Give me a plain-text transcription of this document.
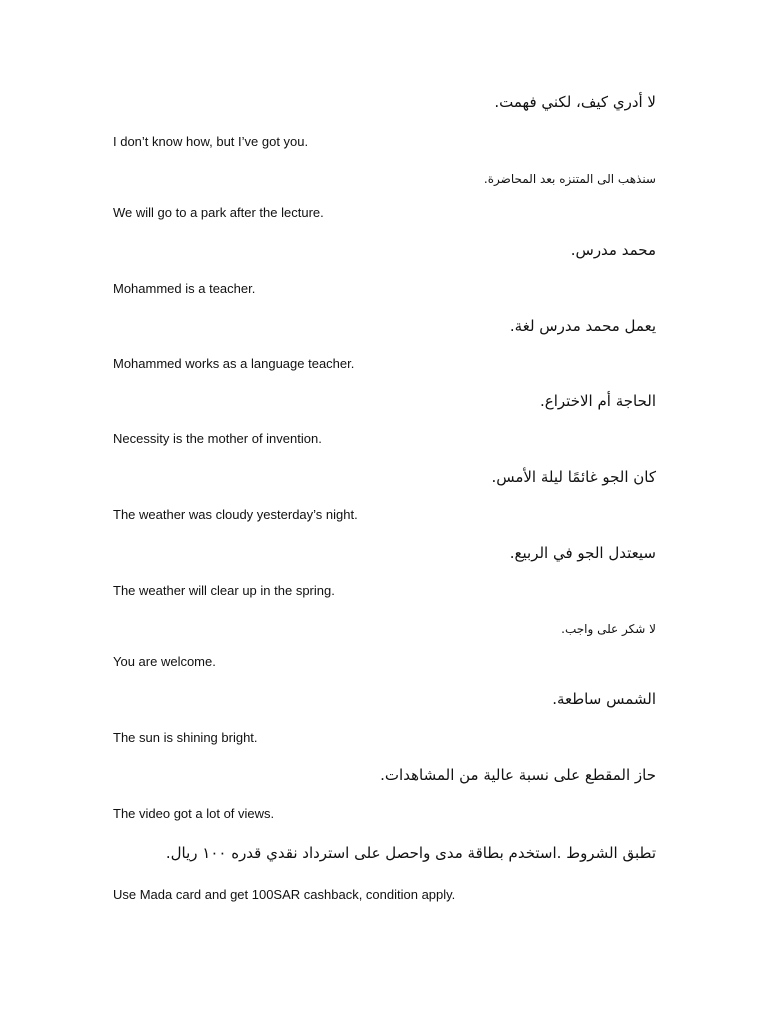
لا أدري كيف، لكني فهمت.
I don’t know how, but I’ve got you.
سنذهب الى المتنزه بعد المحاضرة.
We will go to a park after the lecture.
محمد مدرس.
Mohammed is a teacher.
يعمل محمد مدرس لغة.
Mohammed works as a language teacher.
الحاجة أم الاختراع.
Necessity is the mother of invention.
كان الجو غائمًا ليلة الأمس.
The weather was cloudy yesterday’s night.
سيعتدل الجو في الربيع.
The weather will clear up in the spring.
لا شكر على واجب.
You are welcome.
الشمس ساطعة.
The sun is shining bright.
حاز المقطع على نسبة عالية من المشاهدات.
The video got a lot of views.
تطبق الشروط .استخدم بطاقة مدى واحصل على استرداد نقدي قدره ١٠٠ ريال.
Use Mada card and get 100SAR cashback, condition apply.
